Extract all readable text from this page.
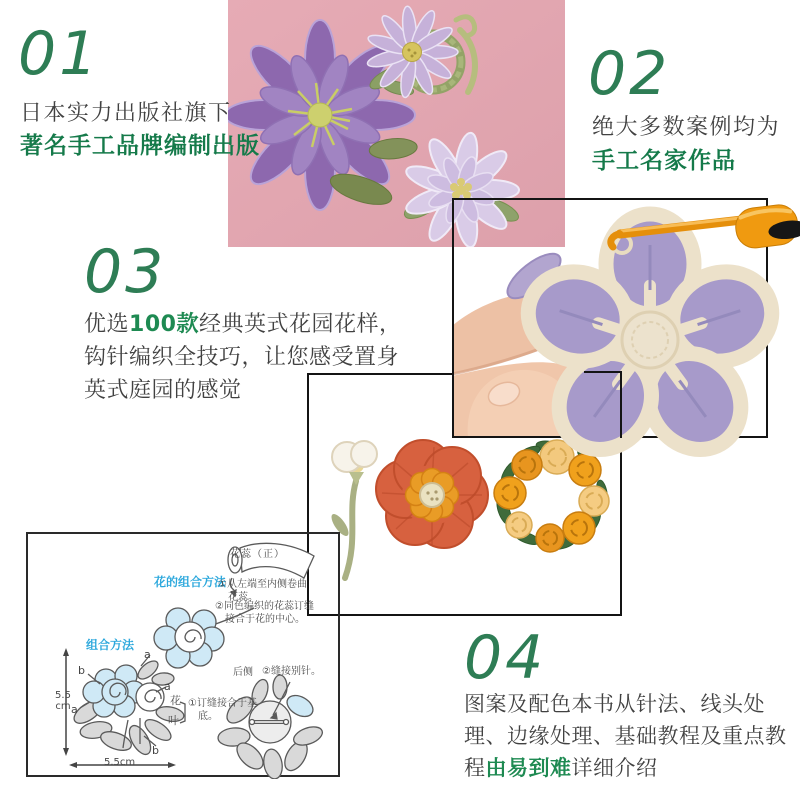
花蕊（正）
花的组合方法
①从左端至内侧卷曲花蕊。
②同色编织的花蕊订缝接合于花的中心。
组合方法
5.5
cm
a
b
a
a
b
花
叶
①订缝接合于基底。
后侧 ②缝接别针。
5.5cm
01
日本实力出版社旗下
著名手工品牌编制出版
02
绝大多数案例均为
手工名家作品
03
优选100款经典英式花园花样，钩针编织全技巧，让您感受置身英式庭园的感觉
04
图案及配色本书从针法、线头处理、边缘处理、基础教程及重点教程由易到难详细介绍
